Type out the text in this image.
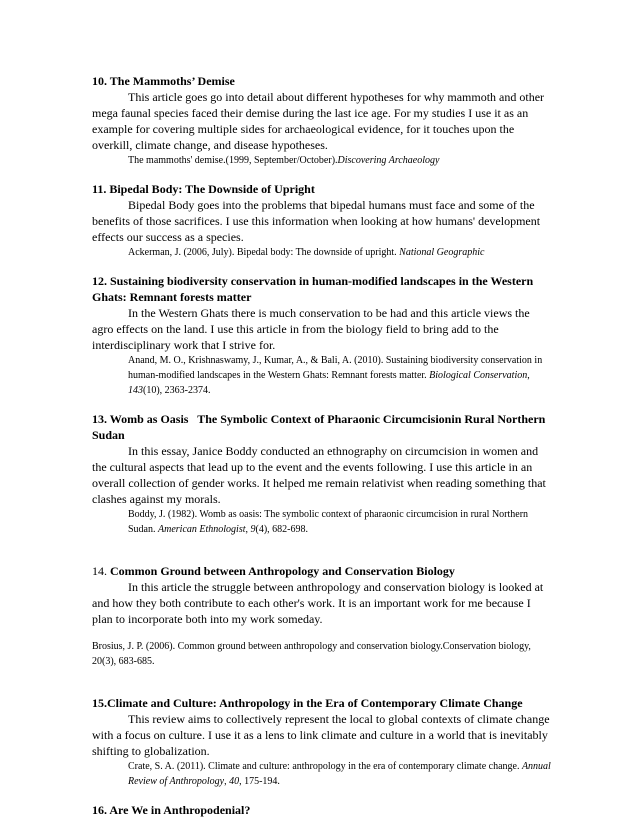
10. The Mammoths’ Demise

This article goes go into detail about different hypotheses for why mammoth and other mega faunal species faced their demise during the last ice age. For my studies I use it as an example for covering multiple sides for archaeological evidence, for it touches upon the overkill, climate change, and disease hypotheses.

The mammoths' demise.(1999, September/October).Discovering Archaeology
11. Bipedal Body: The Downside of Upright

Bipedal Body goes into the problems that bipedal humans must face and some of the benefits of those sacrifices. I use this information when looking at how humans' development effects our success as a species.

Ackerman, J. (2006, July). Bipedal body: The downside of upright. National Geographic
12. Sustaining biodiversity conservation in human-modified landscapes in the Western Ghats: Remnant forests matter

In the Western Ghats there is much conservation to be had and this article views the agro effects on the land. I use this article in from the biology field to bring add to the interdisciplinary work that I strive for.

Anand, M. O., Krishnaswamy, J., Kumar, A., & Bali, A. (2010). Sustaining biodiversity conservation in human-modified landscapes in the Western Ghats: Remnant forests matter. Biological Conservation, 143(10), 2363-2374.
13. Womb as Oasis   The Symbolic Context of Pharaonic Circumcisionin Rural Northern Sudan

In this essay, Janice Boddy conducted an ethnography on circumcision in women and the cultural aspects that lead up to the event and the events following. I use this article in an overall collection of gender works. It helped me remain relativist when reading something that clashes against my morals.

Boddy, J. (1982). Womb as oasis: The symbolic context of pharaonic circumcision in rural Northern Sudan. American Ethnologist, 9(4), 682-698.
14. Common Ground between Anthropology and Conservation Biology

In this article the struggle between anthropology and conservation biology is looked at and how they both contribute to each other's work. It is an important work for me because I plan to incorporate both into my work someday.

Brosius, J. P. (2006). Common ground between anthropology and conservation biology.Conservation biology, 20(3), 683-685.
15.Climate and Culture: Anthropology in the Era of Contemporary Climate Change

This review aims to collectively represent the local to global contexts of climate change with a focus on culture. I use it as a lens to link climate and culture in a world that is inevitably shifting to globalization.

Crate, S. A. (2011). Climate and culture: anthropology in the era of contemporary climate change. Annual Review of Anthropology, 40, 175-194.
16. Are We in Anthropodenial?
